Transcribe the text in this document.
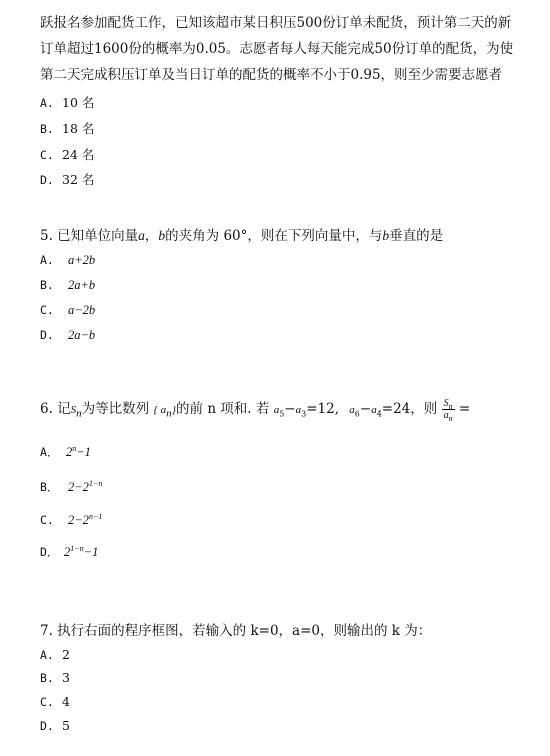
跃报名参加配货工作，已知该超市某日积压500份订单未配货，预计第二天的新
订单超过1600份的概率为0.05。志愿者每人每天能完成50份订单的配货，为使
第二天完成积压订单及当日订单的配货的概率不小于0.95，则至少需要志愿者
A. 10 名
B. 18 名
C. 24 名
D. 32 名
5. 已知单位向量a，b的夹角为 60°，则在下列向量中，与b垂直的是
A. a+2b
B. 2a+b
C. a−2b
D. 2a−b
6. 记$S_n$为等比数列 { $a_n$}的前 n 项和. 若 $a_5-a_3=12$, $a_6-a_4=24$，则 $\frac{S_n}{a_n}$ =
A． $2^n-1$
B． $2-2^{1-n}$
C. $2-2^{n-1}$
D． $2^{1-n}-1$
7. 执行右面的程序框图，若输入的 k=0，a=0，则输出的 k 为：
A. 2
B. 3
C. 4
D. 5
